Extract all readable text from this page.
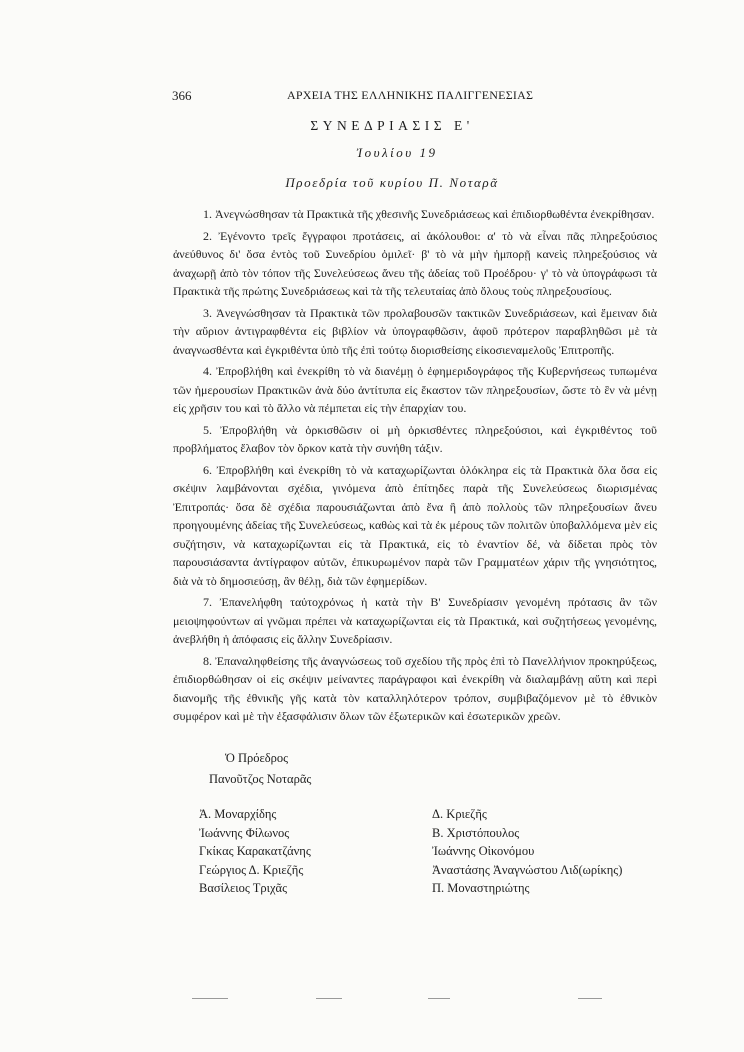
366	ΑΡΧΕΙΑ ΤΗΣ ΕΛΛΗΝΙΚΗΣ ΠΑΛΙΓΓΕΝΕΣΙΑΣ
ΣΥΝΕΔΡΙΑΣΙΣ Ε'
Ἰουλίου 19
Προεδρία τοῦ κυρίου Π. Νοταρᾶ

1. Ἀνεγνώσθησαν τὰ Πρακτικὰ τῆς χθεσινῆς Συνεδριάσεως καὶ ἐπιδιορθωθέντα ἐνεκρίθησαν.

2. Ἐγένοντο τρεῖς ἔγγραφοι προτάσεις, αἱ ἀκόλουθοι: α' τὸ νὰ εἶναι πᾶς πληρεξούσιος ἀνεύθυνος δι' ὅσα ἐντὸς τοῦ Συνεδρίου ὁμιλεῖ· β' τὸ νὰ μὴν ἠμπορῇ κανεὶς πληρεξούσιος νὰ ἀναχωρῇ ἀπὸ τὸν τόπον τῆς Συνελεύσεως ἄνευ τῆς ἀδείας τοῦ Προέδρου· γ' τὸ νὰ ὑπογράφωσι τὰ Πρακτικὰ τῆς πρώτης Συνεδριάσεως καὶ τὰ τῆς τελευταίας ἀπὸ ὅλους τοὺς πληρεξουσίους.

3. Ἀνεγνώσθησαν τὰ Πρακτικὰ τῶν προλαβουσῶν τακτικῶν Συνεδριάσεων, καὶ ἔμειναν διὰ τὴν αὔριον ἀντιγραφθέντα εἰς βιβλίον νὰ ὑπογραφθῶσιν, ἀφοῦ πρότερον παραβληθῶσι μὲ τὰ ἀναγνωσθέντα καὶ ἐγκριθέντα ὑπὸ τῆς ἐπὶ τούτῳ διορισθείσης εἰκοσιεναμελοῦς Ἐπιτροπῆς.

4. Ἐπροβλήθη καὶ ἐνεκρίθη τὸ νὰ διανέμῃ ὁ ἐφημεριδογράφος τῆς Κυβερνήσεως τυπωμένα τῶν ἡμερουσίων Πρακτικῶν ἀνὰ δύο ἀντίτυπα εἰς ἕκαστον τῶν πληρεξουσίων, ὥστε τὸ ἓν νὰ μένῃ εἰς χρῆσιν του καὶ τὸ ἄλλο νὰ πέμπεται εἰς τὴν ἐπαρχίαν του.

5. Ἐπροβλήθη νὰ ὁρκισθῶσιν οἱ μὴ ὁρκισθέντες πληρεξούσιοι, καὶ ἐγκριθέντος τοῦ προβλήματος ἔλαβον τὸν ὅρκον κατὰ τὴν συνήθη τάξιν.

6. Ἐπροβλήθη καὶ ἐνεκρίθη τὸ νὰ καταχωρίζωνται ὁλόκληρα εἰς τὰ Πρακτικὰ ὅλα ὅσα εἰς σκέψιν λαμβάνονται σχέδια, γινόμενα ἀπὸ ἐπίτηδες παρὰ τῆς Συνελεύσεως διωρισμένας Ἐπιτροπάς· ὅσα δὲ σχέδια παρουσιάζωνται ἀπὸ ἕνα ἢ ἀπὸ πολλοὺς τῶν πληρεξουσίων ἄνευ προηγουμένης ἀδείας τῆς Συνελεύσεως, καθὼς καὶ τὰ ἐκ μέρους τῶν πολιτῶν ὑποβαλλόμενα μὲν εἰς συζήτησιν, νὰ καταχωρίζωνται εἰς τὰ Πρακτικά, εἰς τὸ ἐναντίον δέ, νὰ δίδεται πρὸς τὸν παρουσιάσαντα ἀντίγραφον αὐτῶν, ἐπικυρωμένον παρὰ τῶν Γραμματέων χάριν τῆς γνησιότητος, διὰ νὰ τὸ δημοσιεύσῃ, ἂν θέλῃ, διὰ τῶν ἐφημερίδων.

7. Ἐπανελήφθη ταὐτοχρόνως ἡ κατὰ τὴν Β' Συνεδρίασιν γενομένη πρότασις ἂν τῶν μειοψηφούντων αἱ γνῶμαι πρέπει νὰ καταχωρίζωνται εἰς τὰ Πρακτικά, καὶ συζητήσεως γενομένης, ἀνεβλήθη ἡ ἀπόφασις εἰς ἄλλην Συνεδρίασιν.

8. Ἐπαναληφθείσης τῆς ἀναγνώσεως τοῦ σχεδίου τῆς πρὸς ἐπὶ τὸ Πανελλήνιον προκηρύξεως, ἐπιδιορθώθησαν οἱ εἰς σκέψιν μείναντες παράγραφοι καὶ ἐνεκρίθη νὰ διαλαμβάνῃ αὕτη καὶ περὶ διανομῆς τῆς ἐθνικῆς γῆς κατὰ τὸν καταλληλότερον τρόπον, συμβιβαζόμενον μὲ τὸ ἐθνικὸν συμφέρον καὶ μὲ τὴν ἐξασφάλισιν ὅλων τῶν ἐξωτερικῶν καὶ ἐσωτερικῶν χρεῶν.

Ὁ Πρόεδρος
Πανοῦτζος Νοταρᾶς
Ἀ. Μοναρχίδης
Ἰωάννης Φίλωνος
Γκίκας Καρακατζάνης
Γεώργιος Δ. Κριεζῆς
Βασίλειος Τριχᾶς
Δ. Κριεζῆς
Β. Χριστόπουλος
Ἰωάννης Οἰκονόμου
Ἀναστάσης Ἀναγνώστου Λιδ(ωρίκης)
Π. Μοναστηριώτης
